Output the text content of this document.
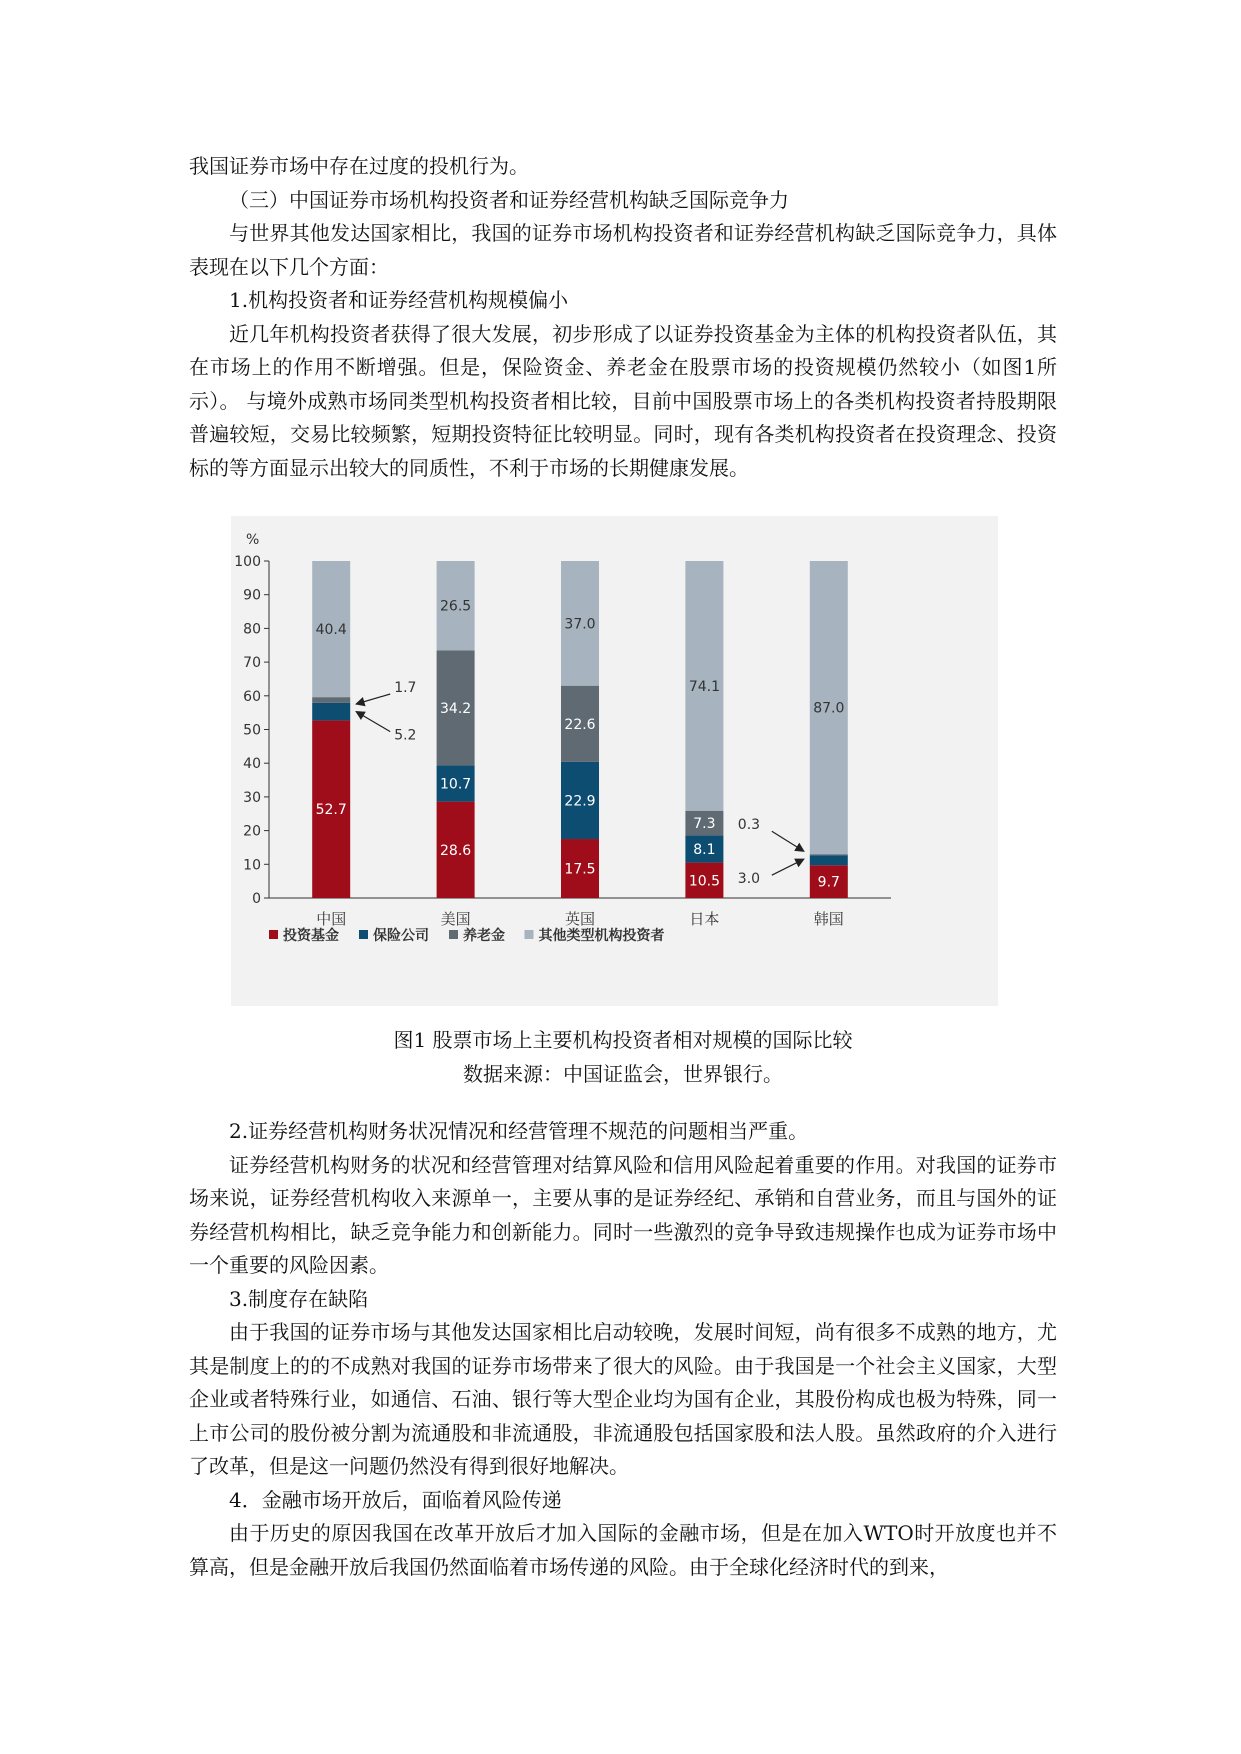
我国证券市场中存在过度的投机行为。

（三）中国证券市场机构投资者和证券经营机构缺乏国际竞争力

与世界其他发达国家相比，我国的证券市场机构投资者和证券经营机构缺乏国际竞争力，具体表现在以下几个方面：

1.机构投资者和证券经营机构规模偏小

近几年机构投资者获得了很大发展，初步形成了以证券投资基金为主体的机构投资者队伍，其在市场上的作用不断增强。但是，保险资金、养老金在股票市场的投资规模仍然较小（如图1所示）。 与境外成熟市场同类型机构投资者相比较，目前中国股票市场上的各类机构投资者持股期限普遍较短，交易比较频繁，短期投资特征比较明显。同时，现有各类机构投资者在投资理念、投资标的等方面显示出较大的同质性，不利于市场的长期健康发展。

%
0
10
20
30
40
50
60
70
80
90
100
52.7
40.4
中国
28.6
10.7
34.2
26.5
美国
17.5
22.9
22.6
37.0
英国
10.5
8.1
7.3
74.1
日本
9.7
87.0
韩国
1.7
5.2
0.3
3.0
投资基金 保险公司 养老金 其他类型机构投资者
图1 股票市场上主要机构投资者相对规模的国际比较
数据来源：中国证监会，世界银行。

2.证券经营机构财务状况情况和经营管理不规范的问题相当严重。

证券经营机构财务的状况和经营管理对结算风险和信用风险起着重要的作用。对我国的证券市场来说，证券经营机构收入来源单一，主要从事的是证券经纪、承销和自营业务，而且与国外的证券经营机构相比，缺乏竞争能力和创新能力。同时一些激烈的竞争导致违规操作也成为证券市场中一个重要的风险因素。

3.制度存在缺陷

由于我国的证券市场与其他发达国家相比启动较晚，发展时间短，尚有很多不成熟的地方，尤其是制度上的的不成熟对我国的证券市场带来了很大的风险。由于我国是一个社会主义国家，大型企业或者特殊行业，如通信、石油、银行等大型企业均为国有企业，其股份构成也极为特殊，同一上市公司的股份被分割为流通股和非流通股，非流通股包括国家股和法人股。虽然政府的介入进行了改革，但是这一问题仍然没有得到很好地解决。

4．金融市场开放后，面临着风险传递

由于历史的原因我国在改革开放后才加入国际的金融市场，但是在加入WTO时开放度也并不算高，但是金融开放后我国仍然面临着市场传递的风险。由于全球化经济时代的到来，
